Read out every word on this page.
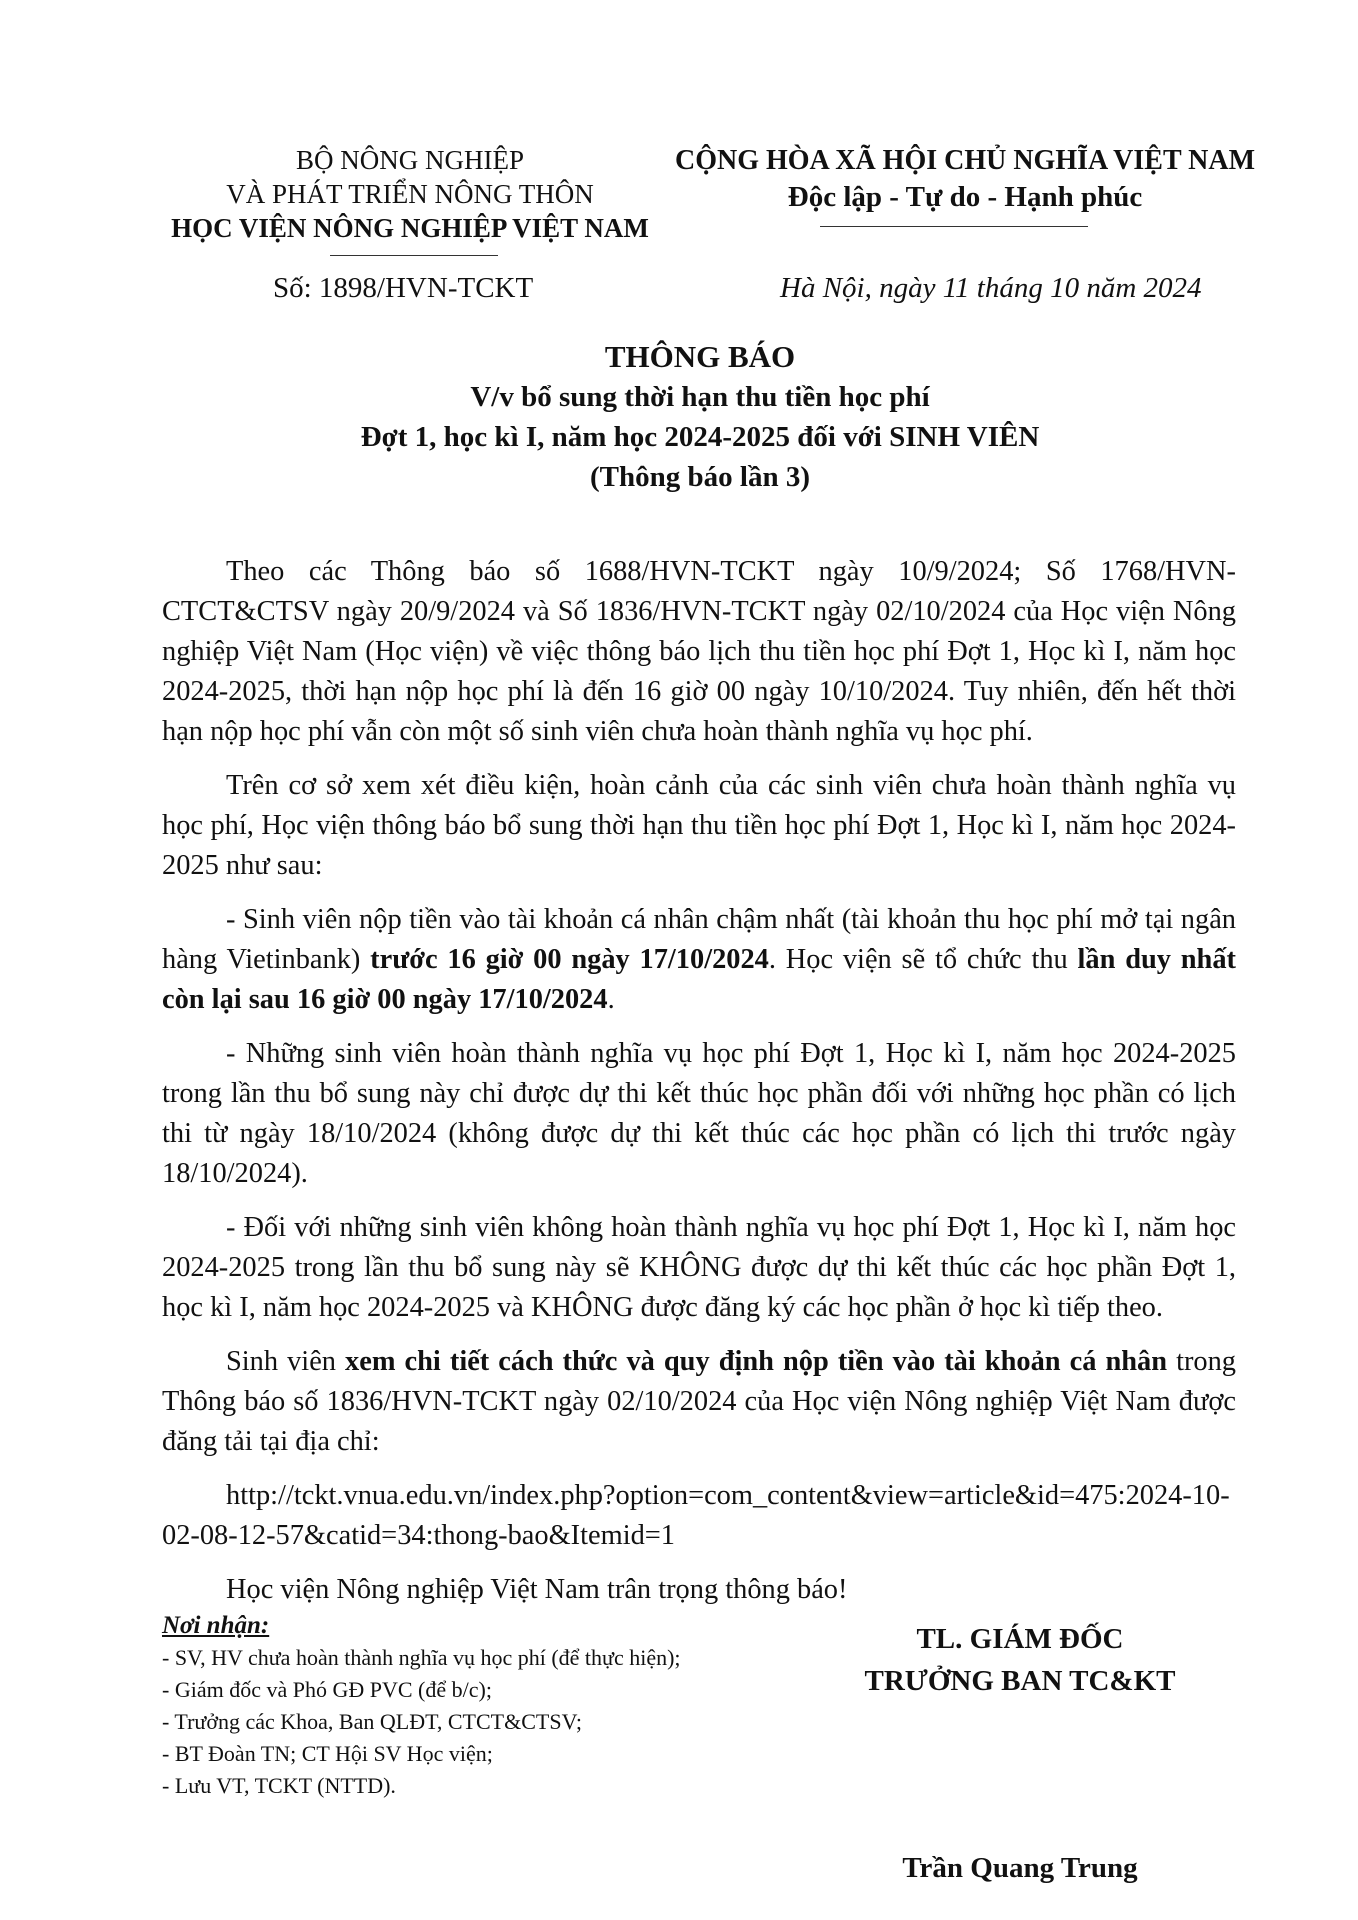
BỘ NÔNG NGHIỆP
VÀ PHÁT TRIỂN NÔNG THÔN
HỌC VIỆN NÔNG NGHIỆP VIỆT NAM
CỘNG HÒA XÃ HỘI CHỦ NGHĨA VIỆT NAM
Độc lập - Tự do - Hạnh phúc
Số: 1898/HVN-TCKT	Hà Nội, ngày 11 tháng 10 năm 2024
THÔNG BÁO
V/v bổ sung thời hạn thu tiền học phí
Đợt 1, học kì I, năm học 2024-2025 đối với SINH VIÊN
(Thông báo lần 3)

Theo các Thông báo số 1688/HVN-TCKT ngày 10/9/2024; Số 1768/HVN-CTCT&CTSV ngày 20/9/2024 và Số 1836/HVN-TCKT ngày 02/10/2024 của Học viện Nông nghiệp Việt Nam (Học viện) về việc thông báo lịch thu tiền học phí Đợt 1, Học kì I, năm học 2024-2025, thời hạn nộp học phí là đến 16 giờ 00 ngày 10/10/2024. Tuy nhiên, đến hết thời hạn nộp học phí vẫn còn một số sinh viên chưa hoàn thành nghĩa vụ học phí.

Trên cơ sở xem xét điều kiện, hoàn cảnh của các sinh viên chưa hoàn thành nghĩa vụ học phí, Học viện thông báo bổ sung thời hạn thu tiền học phí Đợt 1, Học kì I, năm học 2024-2025 như sau:

- Sinh viên nộp tiền vào tài khoản cá nhân chậm nhất (tài khoản thu học phí mở tại ngân hàng Vietinbank) trước 16 giờ 00 ngày 17/10/2024. Học viện sẽ tổ chức thu lần duy nhất còn lại sau 16 giờ 00 ngày 17/10/2024.

- Những sinh viên hoàn thành nghĩa vụ học phí Đợt 1, Học kì I, năm học 2024-2025 trong lần thu bổ sung này chỉ được dự thi kết thúc học phần đối với những học phần có lịch thi từ ngày 18/10/2024 (không được dự thi kết thúc các học phần có lịch thi trước ngày 18/10/2024).

- Đối với những sinh viên không hoàn thành nghĩa vụ học phí Đợt 1, Học kì I, năm học 2024-2025 trong lần thu bổ sung này sẽ KHÔNG được dự thi kết thúc các học phần Đợt 1, học kì I, năm học 2024-2025 và KHÔNG được đăng ký các học phần ở học kì tiếp theo.

Sinh viên xem chi tiết cách thức và quy định nộp tiền vào tài khoản cá nhân trong Thông báo số 1836/HVN-TCKT ngày 02/10/2024 của Học viện Nông nghiệp Việt Nam được đăng tải tại địa chỉ:

http://tckt.vnua.edu.vn/index.php?option=com_content&view=article&id=475:2024-10-02-08-12-57&catid=34:thong-bao&Itemid=1

Học viện Nông nghiệp Việt Nam trân trọng thông báo!

Nơi nhận:
- SV, HV chưa hoàn thành nghĩa vụ học phí (để thực hiện);
- Giám đốc và Phó GĐ PVC (để b/c);
- Trưởng các Khoa, Ban QLĐT, CTCT&CTSV;
- BT Đoàn TN; CT Hội SV Học viện;
- Lưu VT, TCKT (NTTD).
TL. GIÁM ĐỐC
TRƯỞNG BAN TC&KT
Trần Quang Trung
